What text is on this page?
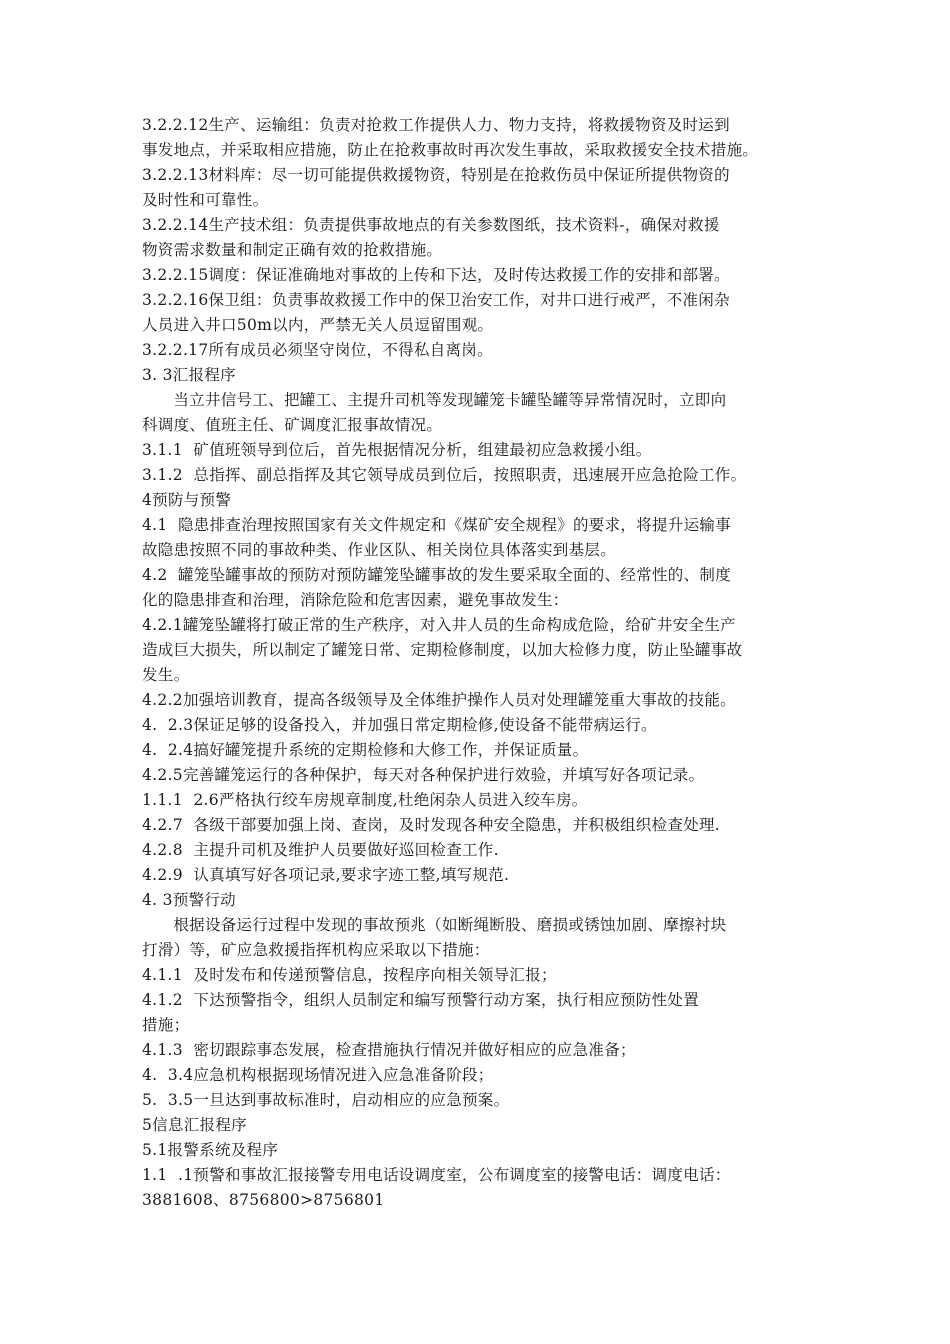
3.2.2.12生产、运输组：负责对抢救工作提供人力、物力支持，将救援物资及时运到
事发地点，并采取相应措施，防止在抢救事故时再次发生事故，采取救援安全技术措施。
3.2.2.13材料库：尽一切可能提供救援物资，特别是在抢救伤员中保证所提供物资的
及时性和可靠性。
3.2.2.14生产技术组：负责提供事故地点的有关参数图纸，技术资料-，确保对救援
物资需求数量和制定正确有效的抢救措施。
3.2.2.15调度：保证准确地对事故的上传和下达，及时传达救援工作的安排和部署。
3.2.2.16保卫组：负责事故救援工作中的保卫治安工作，对井口进行戒严，不准闲杂
人员进入井口50m以内，严禁无关人员逗留围观。
3.2.2.17所有成员必须坚守岗位，不得私自离岗。
3. 3汇报程序
当立井信号工、把罐工、主提升司机等发现罐笼卡罐坠罐等异常情况时，立即向
科调度、值班主任、矿调度汇报事故情况。
3.1.1  矿值班领导到位后，首先根据情况分析，组建最初应急救援小组。
3.1.2  总指挥、副总指挥及其它领导成员到位后，按照职责，迅速展开应急抢险工作。
4预防与预警
4.1  隐患排查治理按照国家有关文件规定和《煤矿安全规程》的要求，将提升运输事
故隐患按照不同的事故种类、作业区队、相关岗位具体落实到基层。
4.2  罐笼坠罐事故的预防对预防罐笼坠罐事故的发生要采取全面的、经常性的、制度
化的隐患排查和治理，消除危险和危害因素，避免事故发生：
4.2.1罐笼坠罐将打破正常的生产秩序，对入井人员的生命构成危险，给矿井安全生产
造成巨大损失，所以制定了罐笼日常、定期检修制度，以加大检修力度，防止坠罐事故
发生。
4.2.2加强培训教育，提高各级领导及全体维护操作人员对处理罐笼重大事故的技能。
4.  2.3保证足够的设备投入，并加强日常定期检修,使设备不能带病运行。
4.  2.4搞好罐笼提升系统的定期检修和大修工作，并保证质量。
4.2.5完善罐笼运行的各种保护，每天对各种保护进行效验，并填写好各项记录。
1.1.1  2.6严格执行绞车房规章制度,杜绝闲杂人员进入绞车房。
4.2.7  各级干部要加强上岗、查岗，及时发现各种安全隐患，并积极组织检查处理.
4.2.8  主提升司机及维护人员要做好巡回检查工作.
4.2.9  认真填写好各项记录,要求字迹工整,填写规范.
4. 3预警行动
根据设备运行过程中发现的事故预兆（如断绳断股、磨损或锈蚀加剧、摩擦衬块
打滑）等，矿应急救援指挥机构应采取以下措施：
4.1.1  及时发布和传递预警信息，按程序向相关领导汇报；
4.1.2  下达预警指令，组织人员制定和编写预警行动方案，执行相应预防性处置
措施；
4.1.3  密切跟踪事态发展，检查措施执行情况并做好相应的应急准备；
4.  3.4应急机构根据现场情况进入应急准备阶段；
5.  3.5一旦达到事故标准时，启动相应的应急预案。
5信息汇报程序
5.1报警系统及程序
1.1  .1预警和事故汇报接警专用电话设调度室，公布调度室的接警电话：调度电话：
3881608、8756800>8756801
